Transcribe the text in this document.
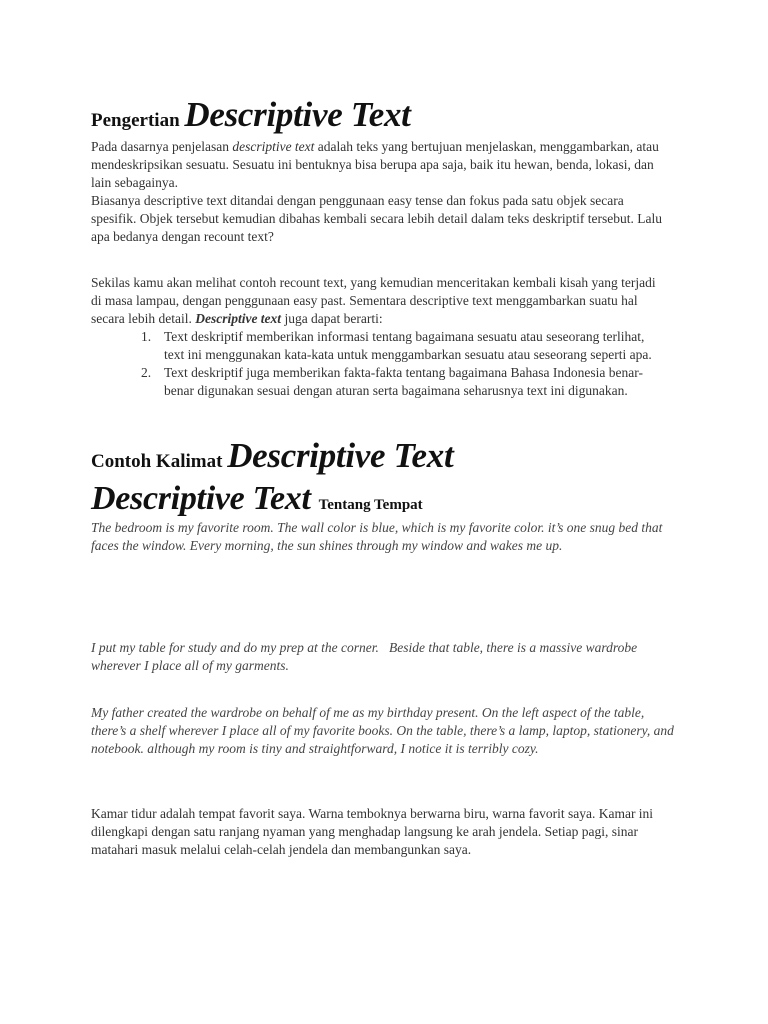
Pengertian Descriptive Text
Pada dasarnya penjelasan descriptive text adalah teks yang bertujuan menjelaskan, menggambarkan, atau mendeskripsikan sesuatu. Sesuatu ini bentuknya bisa berupa apa saja, baik itu hewan, benda, lokasi, dan lain sebagainya.
Biasanya descriptive text ditandai dengan penggunaan easy tense dan fokus pada satu objek secara spesifik. Objek tersebut kemudian dibahas kembali secara lebih detail dalam teks deskriptif tersebut. Lalu apa bedanya dengan recount text?
Sekilas kamu akan melihat contoh recount text, yang kemudian menceritakan kembali kisah yang terjadi di masa lampau, dengan penggunaan easy past. Sementara descriptive text menggambarkan suatu hal secara lebih detail. Descriptive text juga dapat berarti:
1. Text deskriptif memberikan informasi tentang bagaimana sesuatu atau seseorang terlihat, text ini menggunakan kata-kata untuk menggambarkan sesuatu atau seseorang seperti apa.
2. Text deskriptif juga memberikan fakta-fakta tentang bagaimana Bahasa Indonesia benar-benar digunakan sesuai dengan aturan serta bagaimana seharusnya text ini digunakan.
Contoh Kalimat Descriptive Text
Descriptive Text Tentang Tempat
The bedroom is my favorite room. The wall color is blue, which is my favorite color. it’s one snug bed that faces the window. Every morning, the sun shines through my window and wakes me up.
I put my table for study and do my prep at the corner.   Beside that table, there is a massive wardrobe wherever I place all of my garments.
My father created the wardrobe on behalf of me as my birthday present. On the left aspect of the table, there’s a shelf wherever I place all of my favorite books. On the table, there’s a lamp, laptop, stationery, and notebook. although my room is tiny and straightforward, I notice it is terribly cozy.
Kamar tidur adalah tempat favorit saya. Warna temboknya berwarna biru, warna favorit saya. Kamar ini dilengkapi dengan satu ranjang nyaman yang menghadap langsung ke arah jendela. Setiap pagi, sinar matahari masuk melalui celah-celah jendela dan membangunkan saya.
